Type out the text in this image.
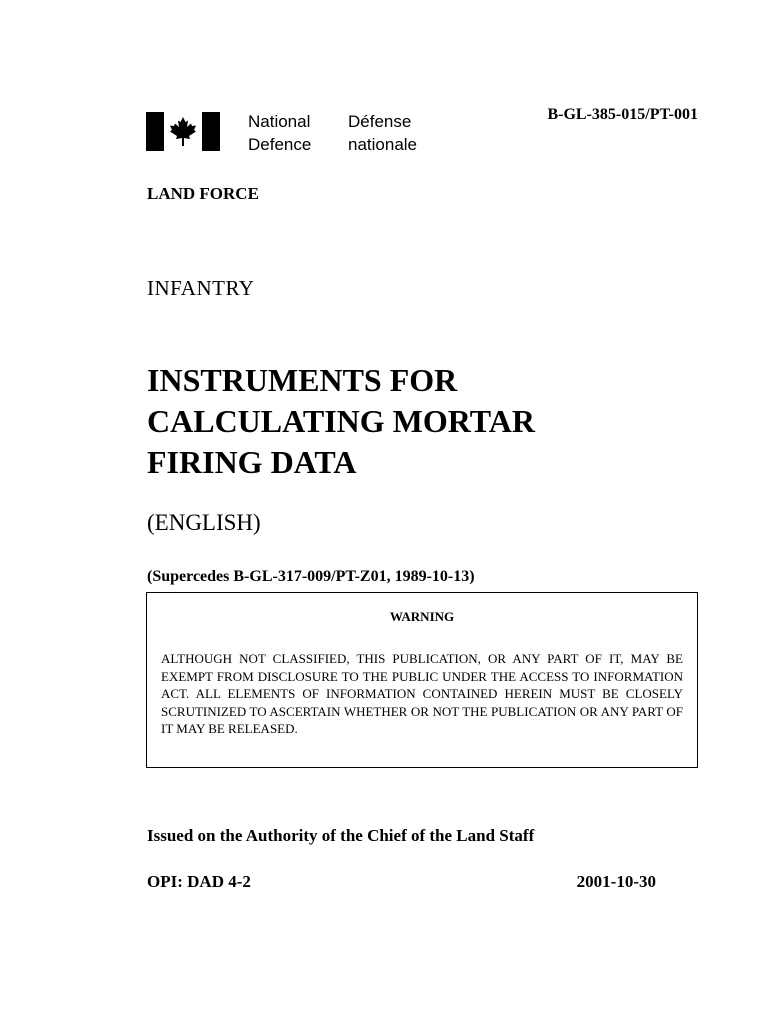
National
Defence
Défense
nationale
B-GL-385-015/PT-001
LAND FORCE
INFANTRY
INSTRUMENTS FOR
CALCULATING MORTAR
FIRING DATA
(ENGLISH)
(Supercedes B-GL-317-009/PT-Z01, 1989-10-13)
WARNING
ALTHOUGH NOT CLASSIFIED, THIS PUBLICATION, OR ANY PART OF IT, MAY BE EXEMPT FROM DISCLOSURE TO THE PUBLIC UNDER THE ACCESS TO INFORMATION ACT. ALL ELEMENTS OF INFORMATION CONTAINED HEREIN MUST BE CLOSELY SCRUTINIZED TO ASCERTAIN WHETHER OR NOT THE PUBLICATION OR ANY PART OF IT MAY BE RELEASED.
Issued on the Authority of the Chief of the Land Staff
OPI: DAD 4-2	2001-10-30
